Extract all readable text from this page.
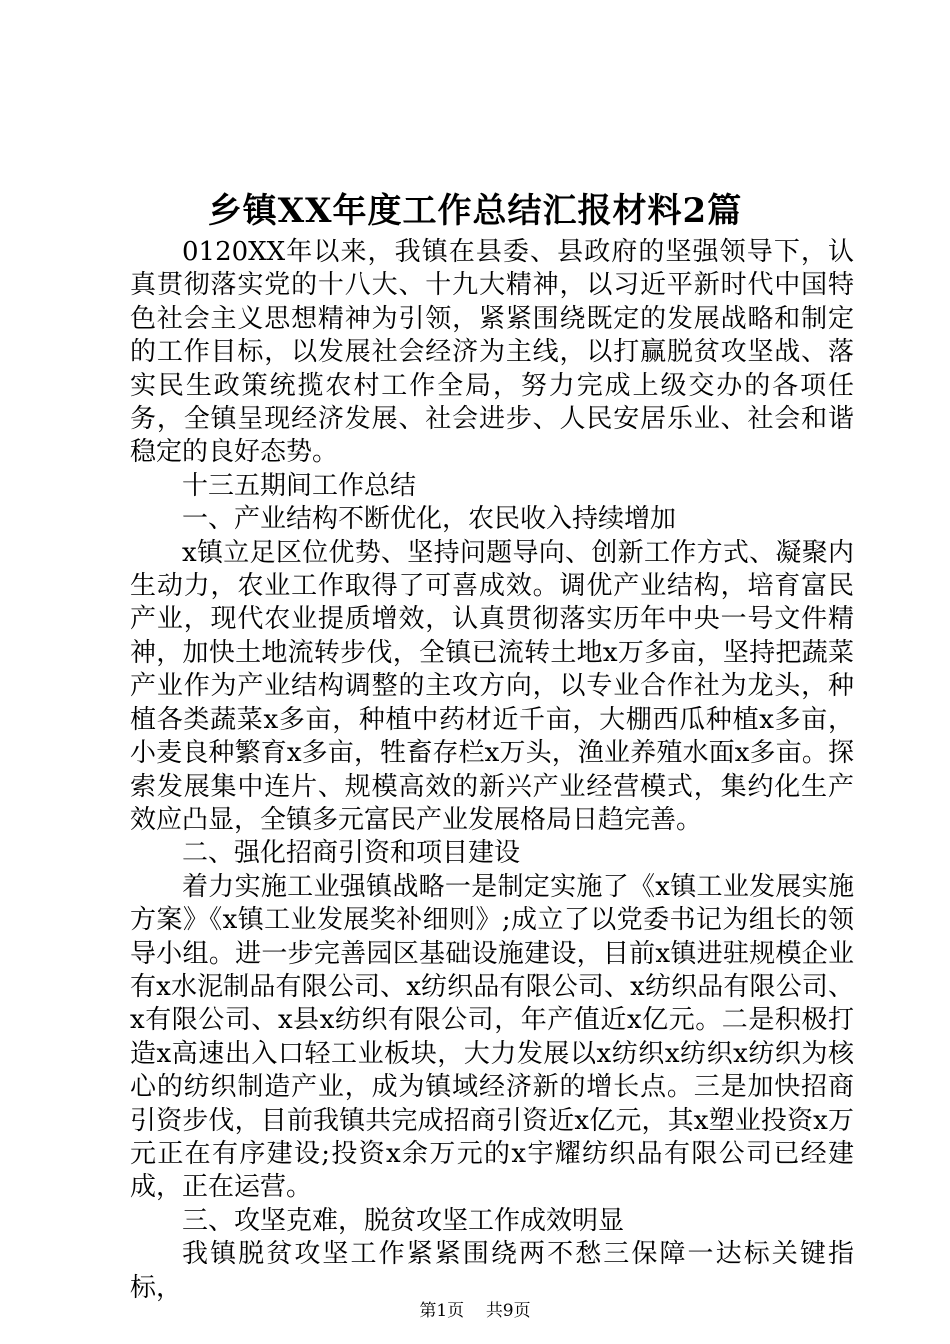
乡镇XX年度工作总结汇报材料2篇

0120XX年以来，我镇在县委、县政府的坚强领导下，认真贯彻落实党的十八大、十九大精神，以习近平新时代中国特色社会主义思想精神为引领，紧紧围绕既定的发展战略和制定的工作目标，以发展社会经济为主线，以打赢脱贫攻坚战、落实民生政策统揽农村工作全局，努力完成上级交办的各项任务，全镇呈现经济发展、社会进步、人民安居乐业、社会和谐稳定的良好态势。

十三五期间工作总结

一、产业结构不断优化，农民收入持续增加

x镇立足区位优势、坚持问题导向、创新工作方式、凝聚内生动力，农业工作取得了可喜成效。调优产业结构，培育富民产业，现代农业提质增效，认真贯彻落实历年中央一号文件精神，加快土地流转步伐，全镇已流转土地x万多亩，坚持把蔬菜产业作为产业结构调整的主攻方向，以专业合作社为龙头，种植各类蔬菜x多亩，种植中药材近千亩，大棚西瓜种植x多亩，小麦良种繁育x多亩，牲畜存栏x万头，渔业养殖水面x多亩。探索发展集中连片、规模高效的新兴产业经营模式，集约化生产效应凸显，全镇多元富民产业发展格局日趋完善。

二、强化招商引资和项目建设

着力实施工业强镇战略一是制定实施了《x镇工业发展实施方案》《x镇工业发展奖补细则》;成立了以党委书记为组长的领导小组。进一步完善园区基础设施建设，目前x镇进驻规模企业有x水泥制品有限公司、x纺织品有限公司、x纺织品有限公司、x有限公司、x县x纺织有限公司，年产值近x亿元。二是积极打造x高速出入口轻工业板块，大力发展以x纺织x纺织x纺织为核心的纺织制造产业，成为镇域经济新的增长点。三是加快招商引资步伐，目前我镇共完成招商引资近x亿元，其x塑业投资x万元正在有序建设;投资x余万元的x宇耀纺织品有限公司已经建成，正在运营。

三、攻坚克难，脱贫攻坚工作成效明显

我镇脱贫攻坚工作紧紧围绕两不愁三保障一达标关键指标，

第1页 共9页
